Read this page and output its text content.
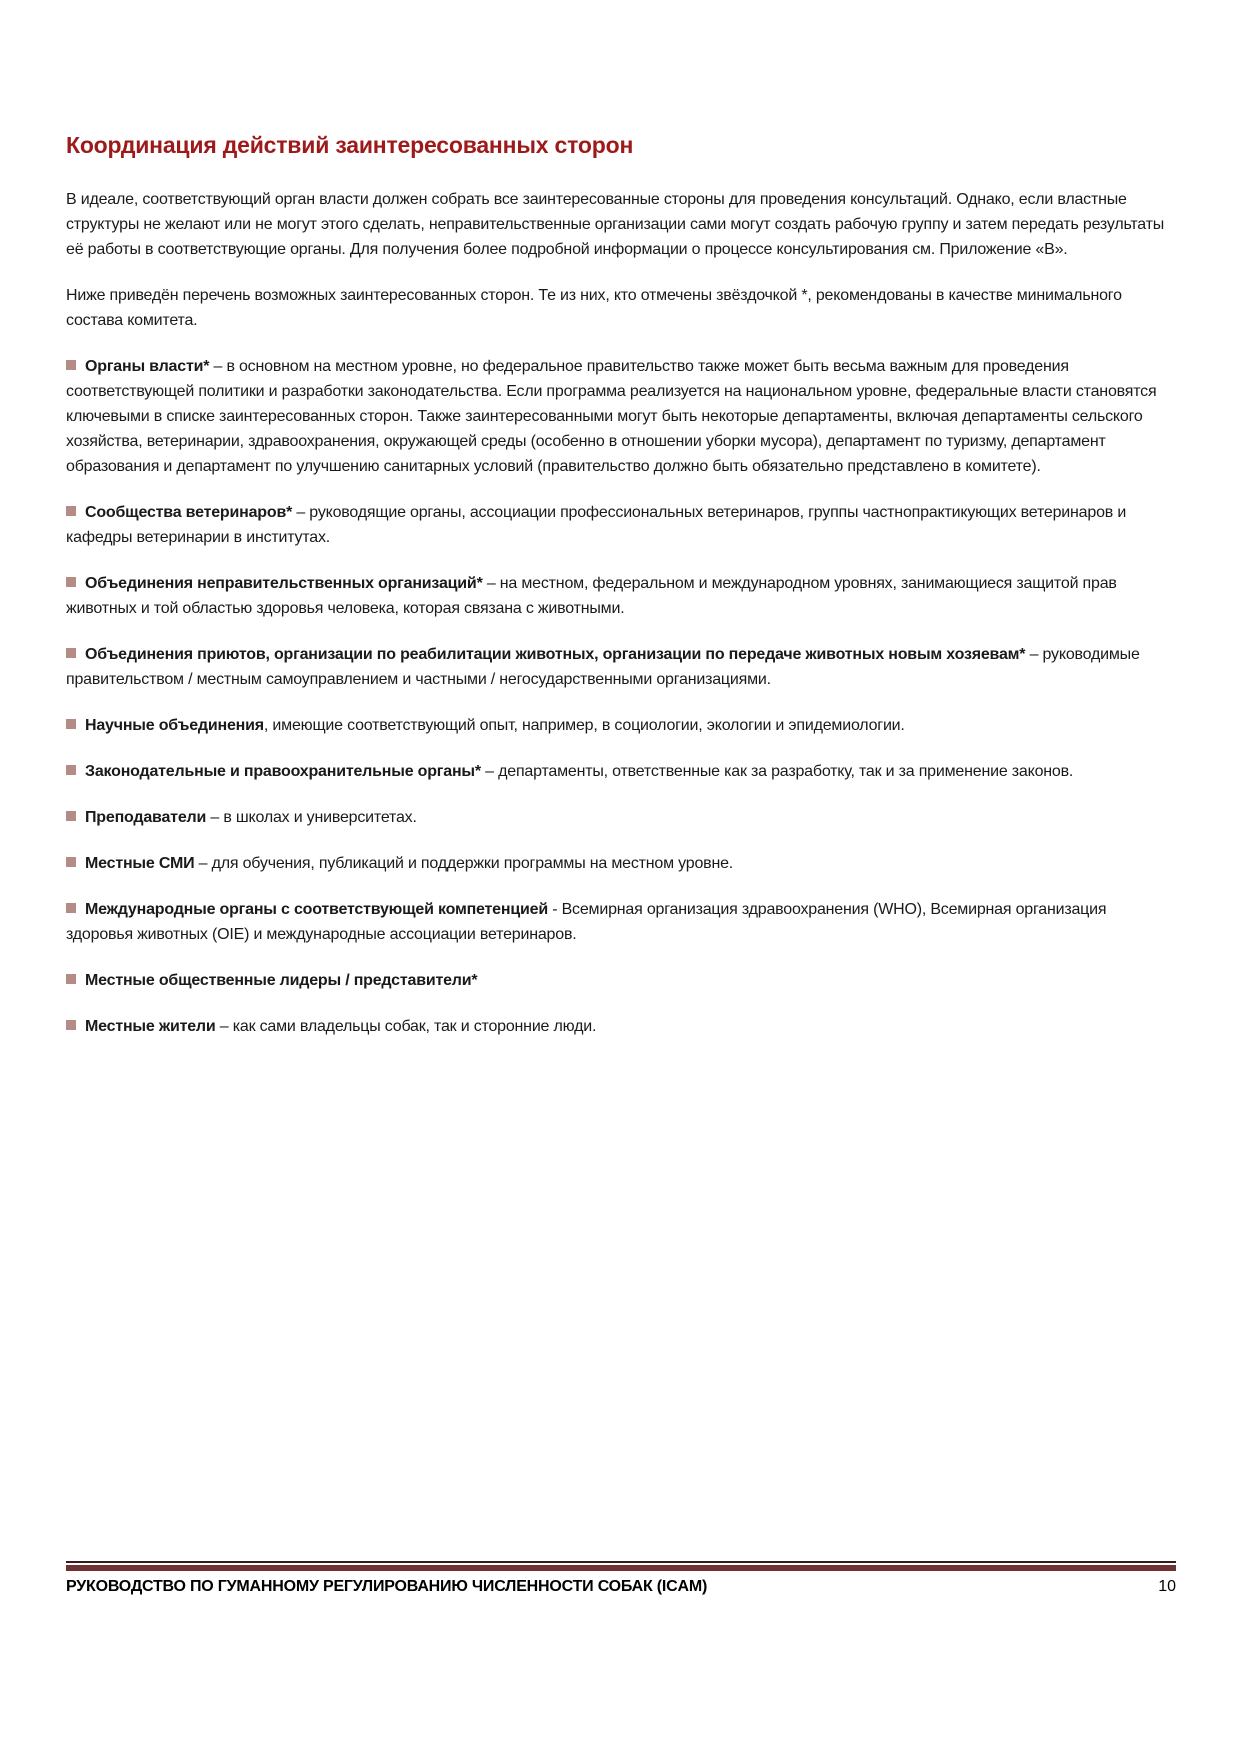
Координация действий заинтересованных сторон

В идеале, соответствующий орган власти должен собрать все заинтересованные стороны для проведения консультаций. Однако, если властные структуры не желают или не могут этого сделать, неправительственные организации сами могут создать рабочую группу и затем передать результаты её работы в соответствующие органы. Для получения более подробной информации о процессе консультирования см. Приложение «В».

Ниже приведён перечень возможных заинтересованных сторон. Те из них, кто отмечены звёздочкой *, рекомендованы в качестве минимального состава комитета.

Органы власти* – в основном на местном уровне, но федеральное правительство также может быть весьма важным для проведения соответствующей политики и разработки законодательства. Если программа реализуется на национальном уровне, федеральные власти становятся ключевыми в списке заинтересованных сторон. Также заинтересованными могут быть некоторые департаменты, включая департаменты сельского хозяйства, ветеринарии, здравоохранения, окружающей среды (особенно в отношении уборки мусора), департамент по туризму, департамент образования и департамент по улучшению санитарных условий (правительство должно быть обязательно представлено в комитете).
Сообщества ветеринаров* – руководящие органы, ассоциации профессиональных ветеринаров, группы частнопрактикующих ветеринаров и кафедры ветеринарии в институтах.
Объединения неправительственных организаций* – на местном, федеральном и международном уровнях, занимающиеся защитой прав животных и той областью здоровья человека, которая связана с животными.
Объединения приютов, организации по реабилитации животных, организации по передаче животных новым хозяевам* – руководимые правительством / местным самоуправлением и частными / негосударственными организациями.
Научные объединения, имеющие соответствующий опыт, например, в социологии, экологии и эпидемиологии.
Законодательные и правоохранительные органы* – департаменты, ответственные как за разработку, так и за применение законов.
Преподаватели – в школах и университетах.
Местные СМИ – для обучения, публикаций и поддержки программы на местном уровне.
Международные органы с соответствующей компетенцией - Всемирная организация здравоохранения (WHO), Всемирная организация здоровья животных (OIE) и международные ассоциации ветеринаров.
Местные общественные лидеры / представители*
Местные жители – как сами владельцы собак, так и сторонние люди.
РУКОВОДСТВО ПО ГУМАННОМУ РЕГУЛИРОВАНИЮ ЧИСЛЕННОСТИ СОБАК (ICAM)	10
